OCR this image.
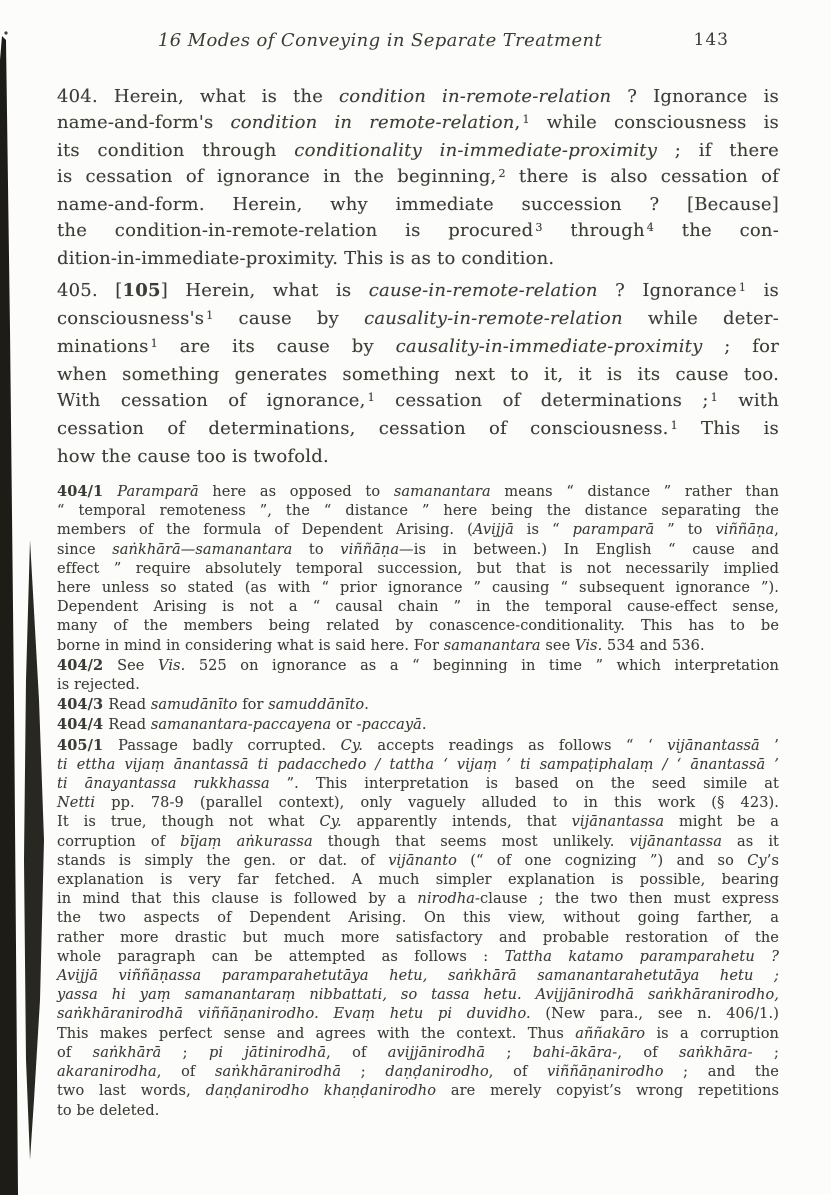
16 Modes of Conveying in Separate Treatment	143
404. Herein, what is the condition in-remote-relation ? Ignorance is
name-and-form's condition in remote-relation, $^1$ while consciousness is
its condition through conditionality in-immediate-proximity ; if there
is cessation of ignorance in the beginning, $^2$ there is also cessation of
name-and-form. Herein, why immediate succession ? [Because]
the condition-in-remote-relation is procured $^3$ through $^4$ the con-
dition-in-immediate-proximity. This is as to condition.
405. [105] Herein, what is cause-in-remote-relation ? Ignorance $^1$ is
consciousness's $^1$ cause by causality-in-remote-relation while deter-
minations $^1$ are its cause by causality-in-immediate-proximity ; for
when something generates something next to it, it is its cause too.
With cessation of ignorance, $^1$ cessation of determinations ; $^1$ with
cessation of determinations, cessation of consciousness. $^1$ This is
how the cause too is twofold.
404/1 Paramparā here as opposed to samanantara means “ distance ” rather than
“ temporal remoteness ”, the “ distance ” here being the distance separating the
members of the formula of Dependent Arising. (Avijjā is “ paramparā ” to viññāṇa,
since saṅkhārā—samanantara to viññāṇa—is in between.) In English “ cause and
effect ” require absolutely temporal succession, but that is not necessarily implied
here unless so stated (as with “ prior ignorance ” causing “ subsequent ignorance ”).
Dependent Arising is not a “ causal chain ” in the temporal cause-effect sense,
many of the members being related by conascence-conditionality. This has to be
borne in mind in considering what is said here. For samanantara see Vis. 534 and 536.
404/2 See Vis. 525 on ignorance as a “ beginning in time ” which interpretation
is rejected.
404/3 Read samudānīto for samuddānīto.
404/4 Read samanantara-paccayena or -paccayā.
405/1 Passage badly corrupted. Cy. accepts readings as follows “ ‘ vijānantassā ’
ti ettha vijaṃ ānantassā ti padacchedo / tattha ‘ vijaṃ ’ ti sampaṭiphalaṃ / ‘ ānantassā ’
ti ānayantassa rukkhassa ”. This interpretation is based on the seed simile at
Netti pp. 78-9 (parallel context), only vaguely alluded to in this work (§ 423).
It is true, though not what Cy. apparently intends, that vijānantassa might be a
corruption of bījaṃ aṅkurassa though that seems most unlikely. vijānantassa as it
stands is simply the gen. or dat. of vijānanto (“ of one cognizing ”) and so Cy’s
explanation is very far fetched. A much simpler explanation is possible, bearing
in mind that this clause is followed by a nirodha-clause ; the two then must express
the two aspects of Dependent Arising. On this view, without going farther, a
rather more drastic but much more satisfactory and probable restoration of the
whole paragraph can be attempted as follows : Tattha katamo paramparahetu ?
Avijjā viññāṇassa paramparahetutāya hetu, saṅkhārā samanantarahetutāya hetu ;
yassa hi yaṃ samanantaraṃ nibbattati, so tassa hetu. Avijjānirodhā saṅkhāranirodho,
saṅkhāranirodhā viññāṇanirodho. Evaṃ hetu pi duvidho. (New para., see n. 406/1.)
This makes perfect sense and agrees with the context. Thus aññakāro is a corruption
of saṅkhārā ; pi jātinirodhā, of avijjānirodhā ; bahi-ākāra-, of saṅkhāra- ;
akaranirodha, of saṅkhāranirodhā ; daṇḍanirodho, of viññāṇanirodho ; and the
two last words, daṇḍanirodho khaṇḍanirodho are merely copyist’s wrong repetitions
to be deleted.
